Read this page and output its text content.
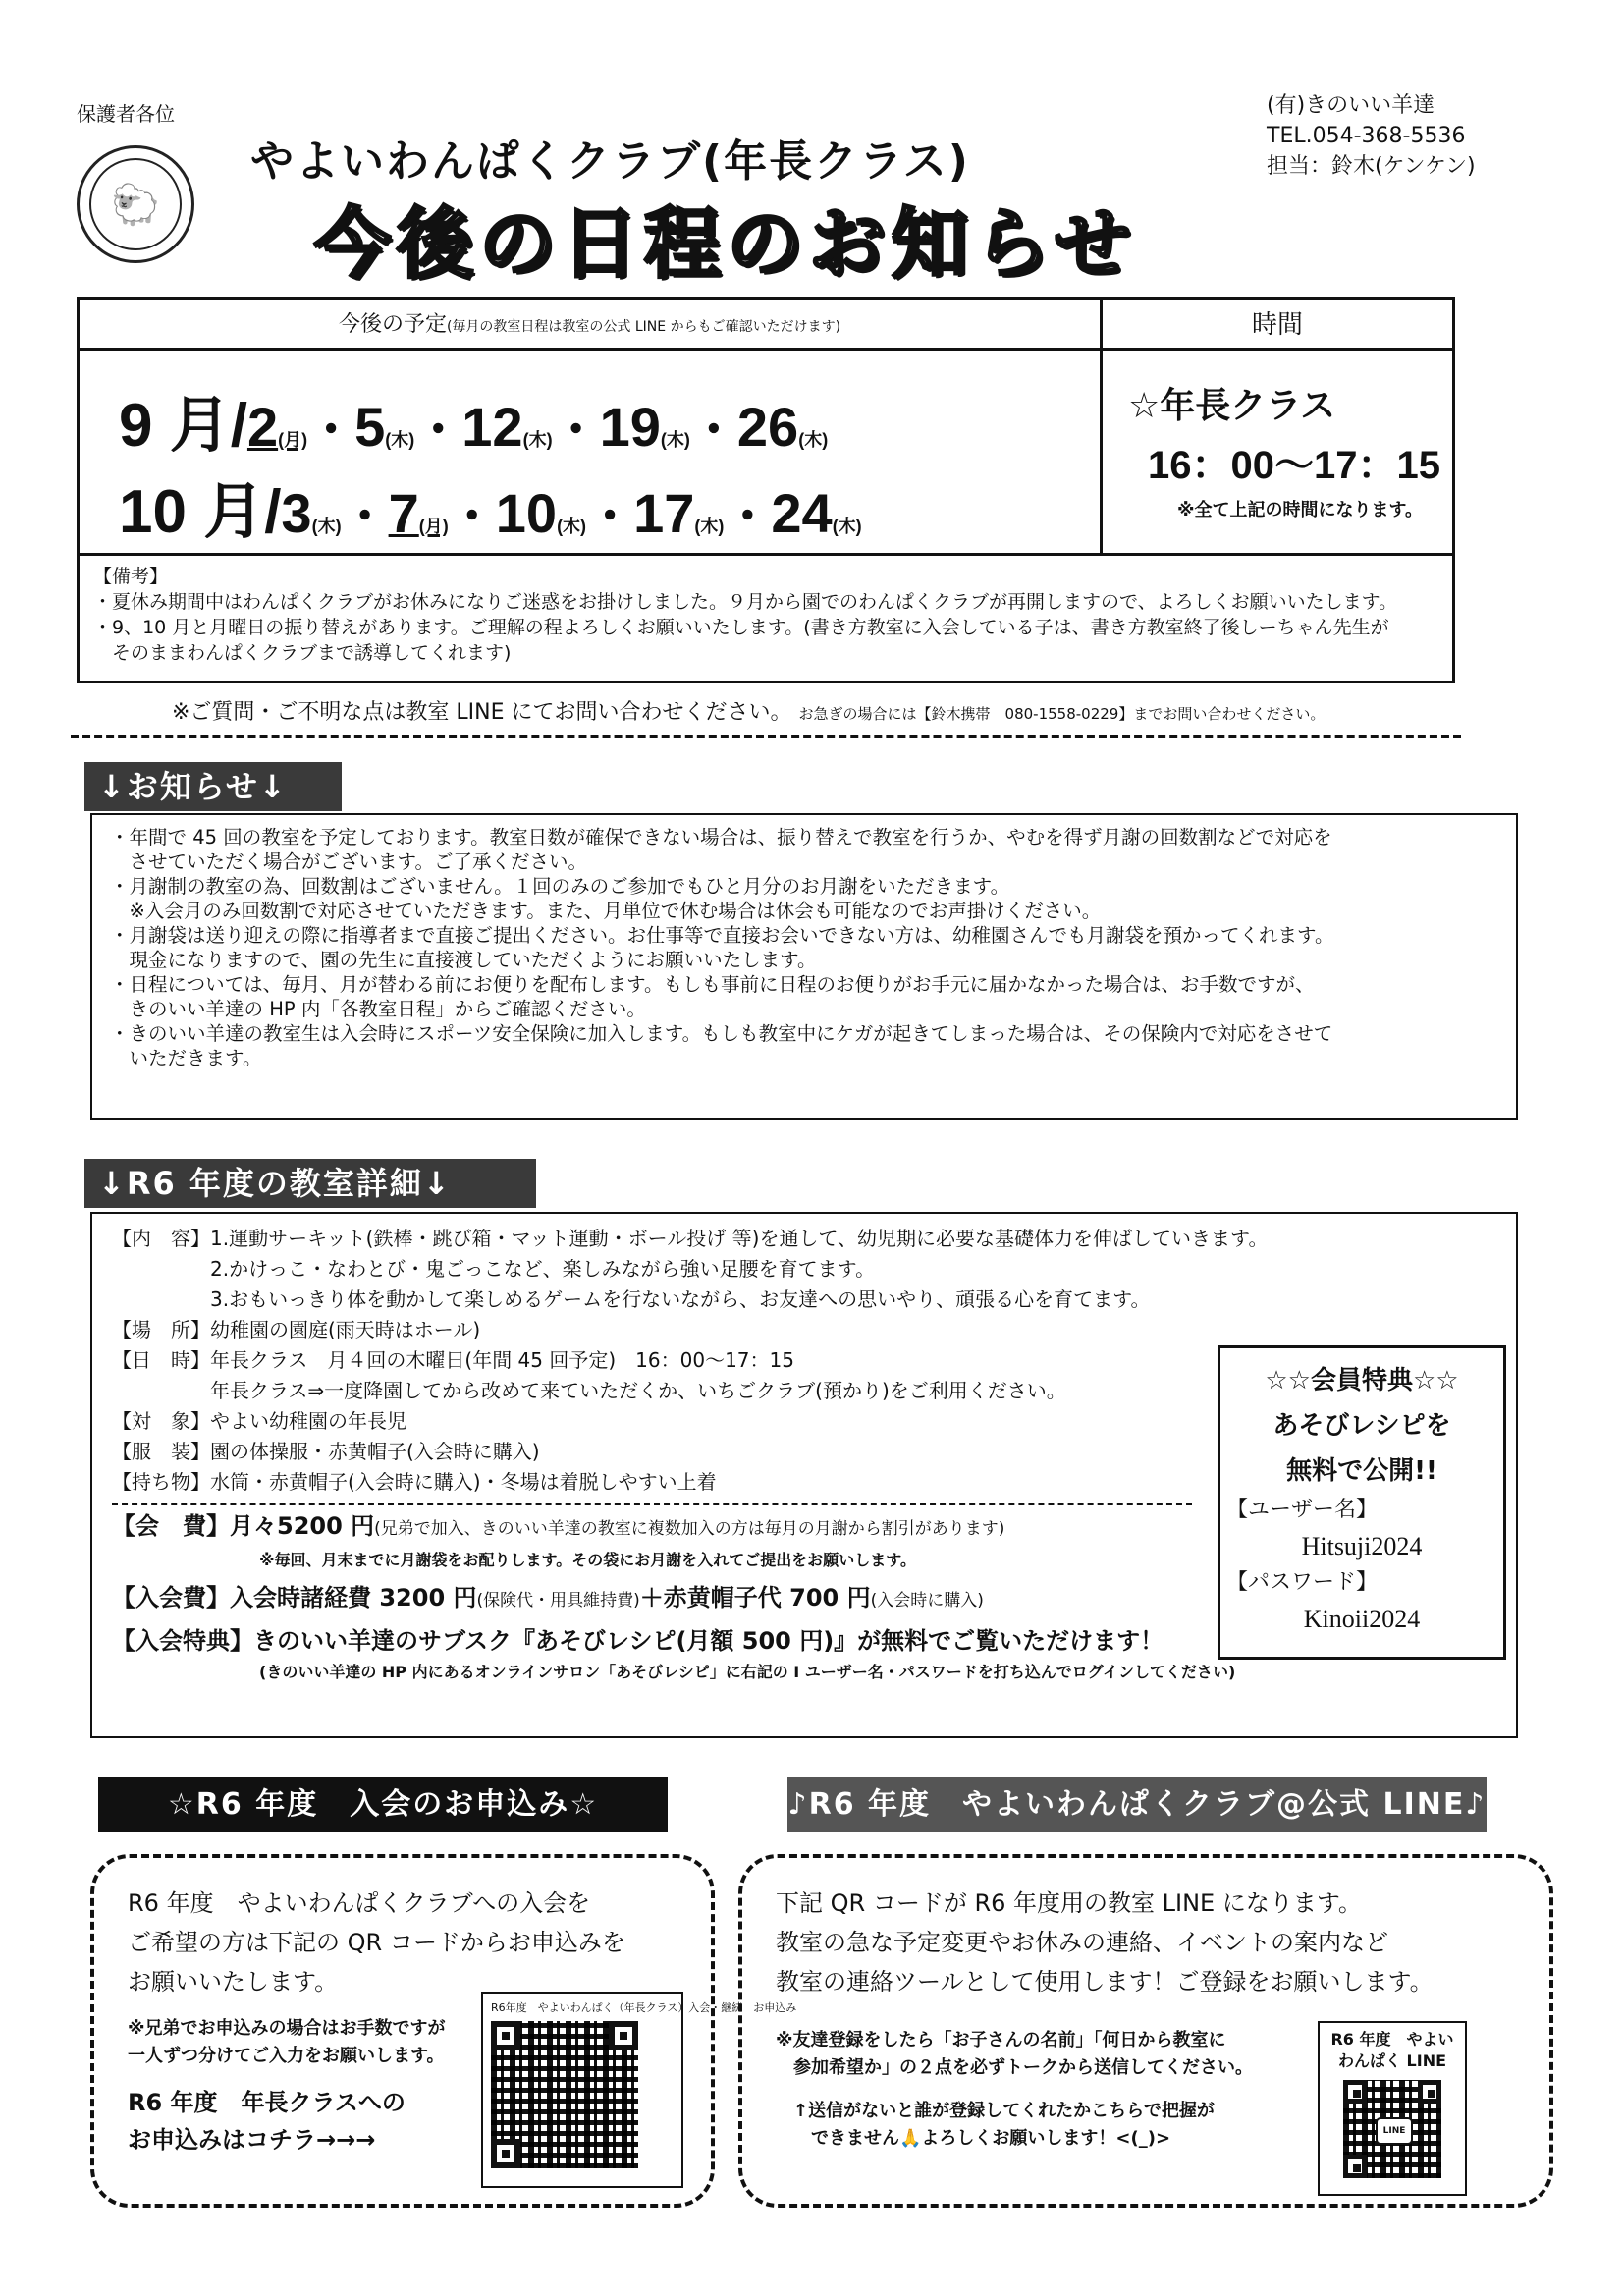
保護者各位
🐑
やよいわんぱくクラブ(年長クラス)
今後の日程のお知らせ
(有)きのいい羊達
TEL.054-368-5536
担当：鈴木(ケンケン)
今後の予定(毎月の教室日程は教室の公式 LINE からもご確認いただけます)	時間
9 月/2(月)・5(木)・12(木)・19(木)・26(木)
10 月/3(木)・7(月)・10(木)・17(木)・24(木)
☆年長クラス
16：00～17：15
※全て上記の時間になります。
【備考】
・夏休み期間中はわんぱくクラブがお休みになりご迷惑をお掛けしました。９月から園でのわんぱくクラブが再開しますので、よろしくお願いいたします。
・9、10 月と月曜日の振り替えがあります。ご理解の程よろしくお願いいたします。(書き方教室に入会している子は、書き方教室終了後しーちゃん先生が
　そのままわんぱくクラブまで誘導してくれます)
※ご質問・ご不明な点は教室 LINE にてお問い合わせください。 お急ぎの場合には【鈴木携帯　080-1558-0229】までお問い合わせください。
↓お知らせ↓

・年間で 45 回の教室を予定しております。教室日数が確保できない場合は、振り替えで教室を行うか、やむを得ず月謝の回数割などで対応を

　させていただく場合がございます。ご了承ください。

・月謝制の教室の為、回数割はございません。１回のみのご参加でもひと月分のお月謝をいただきます。

　※入会月のみ回数割で対応させていただきます。また、月単位で休む場合は休会も可能なのでお声掛けください。

・月謝袋は送り迎えの際に指導者まで直接ご提出ください。お仕事等で直接お会いできない方は、幼稚園さんでも月謝袋を預かってくれます。

　現金になりますので、園の先生に直接渡していただくようにお願いいたします。

・日程については、毎月、月が替わる前にお便りを配布します。もしも事前に日程のお便りがお手元に届かなかった場合は、お手数ですが、

　きのいい羊達の HP 内「各教室日程」からご確認ください。

・きのいい羊達の教室生は入会時にスポーツ安全保険に加入します。もしも教室中にケガが起きてしまった場合は、その保険内で対応をさせて

　いただきます。

↓R6 年度の教室詳細↓
【内　容】1.運動サーキット(鉄棒・跳び箱・マット運動・ボール投げ 等)を通して、幼児期に必要な基礎体力を伸ばしていきます。
　　　　　2.かけっこ・なわとび・鬼ごっこなど、楽しみながら強い足腰を育てます。
　　　　　3.おもいっきり体を動かして楽しめるゲームを行ないながら、お友達への思いやり、頑張る心を育てます。
【場　所】幼稚園の園庭(雨天時はホール)
【日　時】年長クラス　月４回の木曜日(年間 45 回予定)　16：00～17：15
　　　　　年長クラス⇒一度降園してから改めて来ていただくか、いちごクラブ(預かり)をご利用ください。
【対　象】やよい幼稚園の年長児
【服　装】園の体操服・赤黄帽子(入会時に購入)
【持ち物】水筒・赤黄帽子(入会時に購入)・冬場は着脱しやすい上着
【会　費】月々5200 円(兄弟で加入、きのいい羊達の教室に複数加入の方は毎月の月謝から割引があります)
※毎回、月末までに月謝袋をお配りします。その袋にお月謝を入れてご提出をお願いします。
【入会費】入会時諸経費 3200 円(保険代・用具維持費)＋赤黄帽子代 700 円(入会時に購入)
【入会特典】きのいい羊達のサブスク『あそびレシピ(月額 500 円)』が無料でご覧いただけます！
(きのいい羊達の HP 内にあるオンラインサロン「あそびレシピ」に右記の I ユーザー名・パスワードを打ち込んでログインしてください)
☆☆会員特典☆☆
あそびレシピを
無料で公開!!
【ユーザー名】
Hitsuji2024
【パスワード】
Kinoii2024
☆R6 年度　入会のお申込み☆
R6 年度　やよいわんぱくクラブへの入会を
ご希望の方は下記の QR コードからお申込みを
お願いいたします。
※兄弟でお申込みの場合はお手数ですが
一人ずつ分けてご入力をお願いします。
R6 年度　年長クラスへの
お申込みはコチラ→→→
R6年度　やよいわんぱく（年長クラス）入会・継続　お申込み
♪R6 年度　やよいわんぱくクラブ@公式 LINE♪
下記 QR コードが R6 年度用の教室 LINE になります。
教室の急な予定変更やお休みの連絡、イベントの案内など
教室の連絡ツールとして使用します！ご登録をお願いします。
※友達登録をしたら「お子さんの名前」「何日から教室に
参加希望か」の２点を必ずトークから送信してください。
↑送信がないと誰が登録してくれたかこちらで把握が
できません🙏よろしくお願いします！<(_)>
R6 年度　やよい
わんぱく LINE
LINE
